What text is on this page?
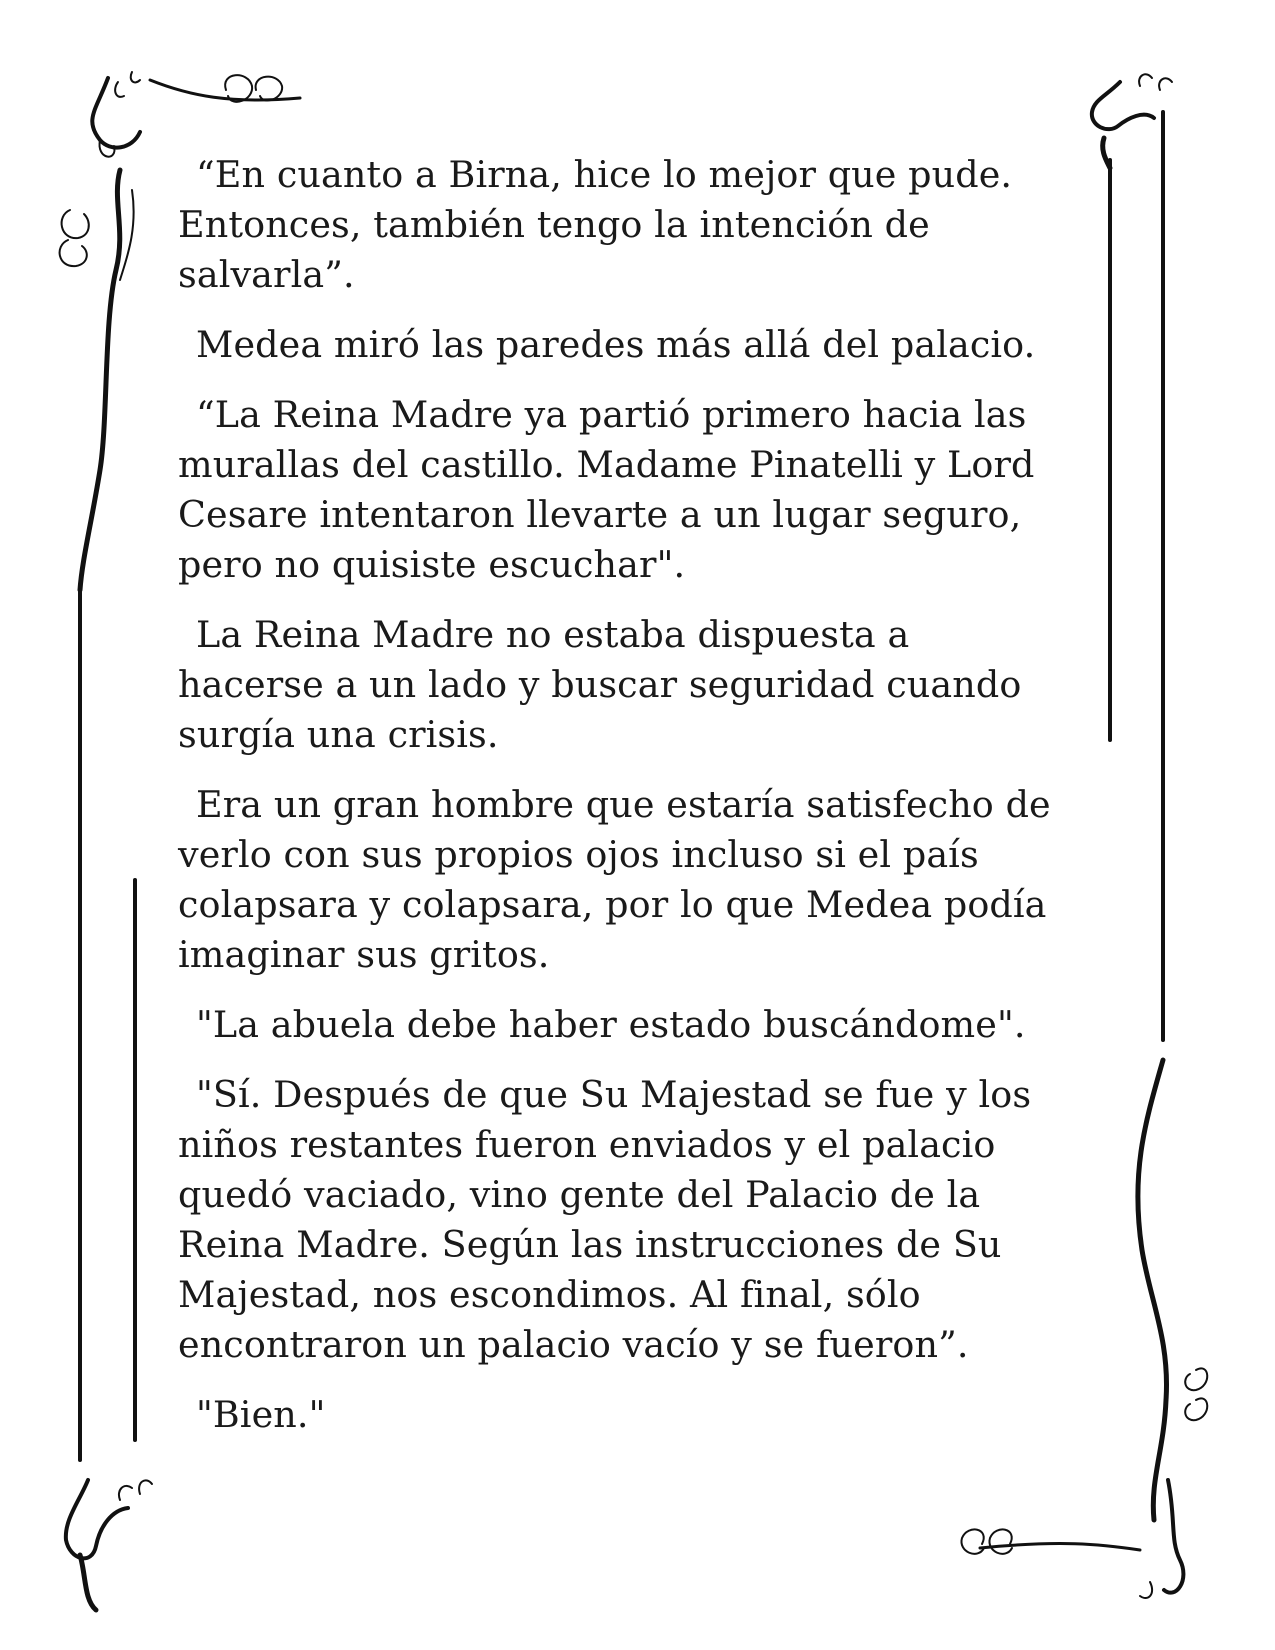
“En cuanto a Birna, hice lo mejor que pude.
Entonces, también tengo la intención de
salvarla”.

Medea miró las paredes más allá del palacio.

“La Reina Madre ya partió primero hacia las
murallas del castillo. Madame Pinatelli y Lord
Cesare intentaron llevarte a un lugar seguro,
pero no quisiste escuchar".

La Reina Madre no estaba dispuesta a
hacerse a un lado y buscar seguridad cuando
surgía una crisis.

Era un gran hombre que estaría satisfecho de
verlo con sus propios ojos incluso si el país
colapsara y colapsara, por lo que Medea podía
imaginar sus gritos.

"La abuela debe haber estado buscándome".

"Sí. Después de que Su Majestad se fue y los
niños restantes fueron enviados y el palacio
quedó vaciado, vino gente del Palacio de la
Reina Madre. Según las instrucciones de Su
Majestad, nos escondimos. Al final, sólo
encontraron un palacio vacío y se fueron”.

"Bien."
